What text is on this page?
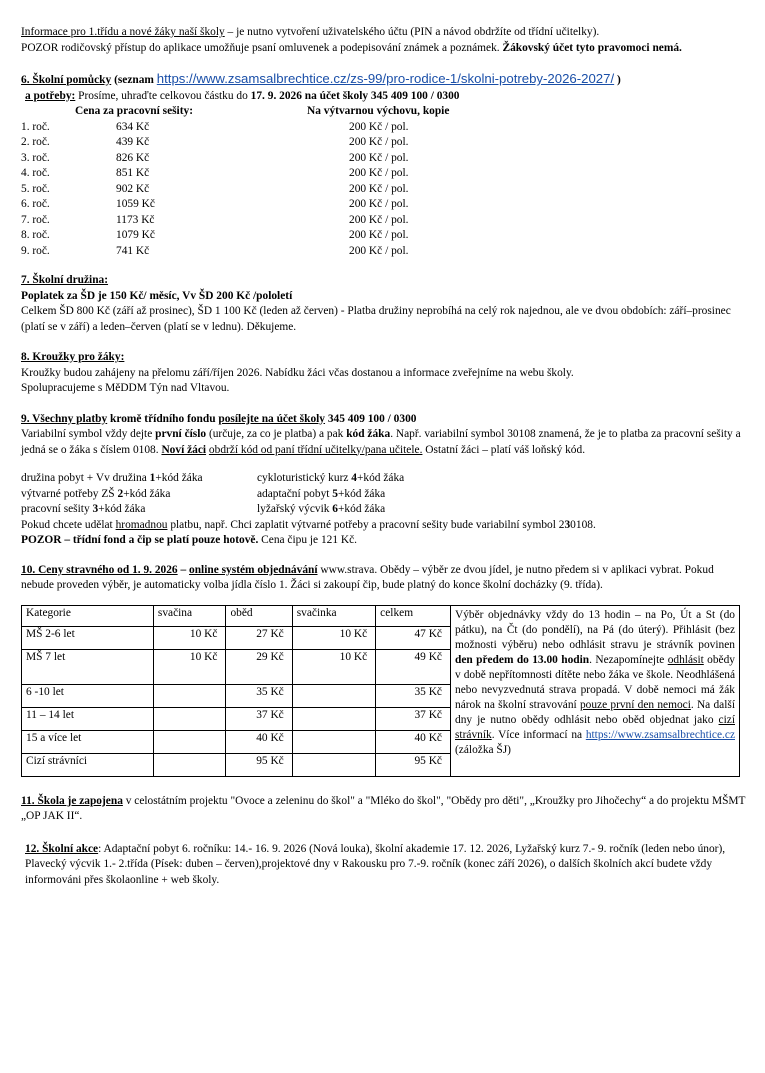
Informace pro 1.třídu a nové žáky naší školy – je nutno vytvoření uživatelského účtu (PIN a návod obdržíte od třídní učitelky).
POZOR rodičovský přístup do aplikace umožňuje psaní omluvenek a podepisování známek a poznámek. Žákovský účet tyto pravomoci nemá.

6. Školní pomůcky (seznam https://www.zsamsalbrechtice.cz/zs-99/pro-rodice-1/skolni-potreby-2026-2027/ )

a potřeby: Prosíme, uhraďte celkovou částku do 17. 9. 2026 na účet školy 345 409 100 / 0300

Cena za pracovní sešity:	Na výtvarnou výchovu, kopie
1. roč.	634 Kč	200 Kč / pol.
2. roč.	439 Kč	200 Kč / pol.
3. roč.	826 Kč	200 Kč / pol.
4. roč.	851 Kč	200 Kč / pol.
5. roč.	902 Kč	200 Kč / pol.
6. roč.	1059 Kč	200 Kč / pol.
7. roč.	1173 Kč	200 Kč / pol.
8. roč.	1079 Kč	200 Kč / pol.
9. roč.	741 Kč	200 Kč / pol.

7. Školní družina:

Poplatek za ŠD je 150 Kč/ měsíc, Vv ŠD 200 Kč /pololetí

Celkem ŠD 800 Kč (září až prosinec), ŠD 1 100 Kč (leden až červen) - Platba družiny neprobíhá na celý rok najednou, ale ve dvou obdobích: září–prosinec (platí se v září) a leden–červen (platí se v lednu). Děkujeme.

8. Kroužky pro žáky:

Kroužky budou zahájeny na přelomu září/říjen 2026. Nabídku žáci včas dostanou a informace zveřejníme na webu školy.

Spolupracujeme s MěDDM Týn nad Vltavou.

9. Všechny platby kromě třídního fondu posílejte na účet školy 345 409 100 / 0300

Variabilní symbol vždy dejte první číslo (určuje, za co je platba) a pak kód žáka. Např. variabilní symbol 30108 znamená, že je to platba za pracovní sešity a jedná se o žáka s číslem 0108. Noví žáci obdrží kód od paní třídní učitelky/pana učitele. Ostatní žáci – platí váš loňský kód.

družina pobyt + Vv družina 1+kód žáka	cykloturistický kurz 4+kód žáka
výtvarné potřeby ZŠ 2+kód žáka	adaptační pobyt 5+kód žáka
pracovní sešity 3+kód žáka	lyžařský výcvik 6+kód žáka

Pokud chcete udělat hromadnou platbu, např. Chci zaplatit výtvarné potřeby a pracovní sešity bude variabilní symbol 230108.

POZOR – třídní fond a čip se platí pouze hotově. Cena čipu je 121 Kč.

10. Ceny stravného od 1. 9. 2026 – online systém objednávání www.strava. Obědy – výběr ze dvou jídel, je nutno předem si v aplikaci vybrat. Pokud nebude proveden výběr, je automaticky volba jídla číslo 1. Žáci si zakoupí čip, bude platný do konce školní docházky (9. třída).

Kategorie	svačina	oběd	svačinka	celkem
MŠ 2-6 let	10 Kč	27 Kč	10 Kč	47 Kč
MŠ 7 let	10 Kč	29 Kč	10 Kč	49 Kč
6 -10 let		35 Kč		35 Kč
11 – 14 let		37 Kč		37 Kč
15 a více let		40 Kč		40 Kč
Cizí strávníci		95 Kč		95 Kč
Výběr objednávky vždy do 13 hodin – na Po, Út a St (do pátku), na Čt (do pondělí), na Pá (do úterý). Přihlásit (bez možnosti výběru) nebo odhlásit stravu je strávník povinen den předem do 13.00 hodin. Nezapomínejte odhlásit obědy v době nepřítomnosti dítěte nebo žáka ve škole. Neodhlášená nebo nevyzvednutá strava propadá. V době nemoci má žák nárok na školní stravování pouze první den nemoci. Na další dny je nutno obědy odhlásit nebo oběd objednat jako cizí strávník. Více informací na https://www.zsamsalbrechtice.cz (záložka ŠJ)

11. Škola je zapojena v celostátním projektu "Ovoce a zeleninu do škol" a "Mléko do škol", "Obědy pro děti", „Kroužky pro Jihočechy“ a do projektu MŠMT „OP JAK II“.

12. Školní akce: Adaptační pobyt 6. ročníku: 14.- 16. 9. 2026 (Nová louka), školní akademie 17. 12. 2026, Lyžařský kurz 7.- 9. ročník (leden nebo únor), Plavecký výcvik 1.- 2.třída (Písek: duben – červen),projektové dny v Rakousku pro 7.-9. ročník (konec září 2026), o dalších školních akcí budete vždy informováni přes školaonline + web školy.
